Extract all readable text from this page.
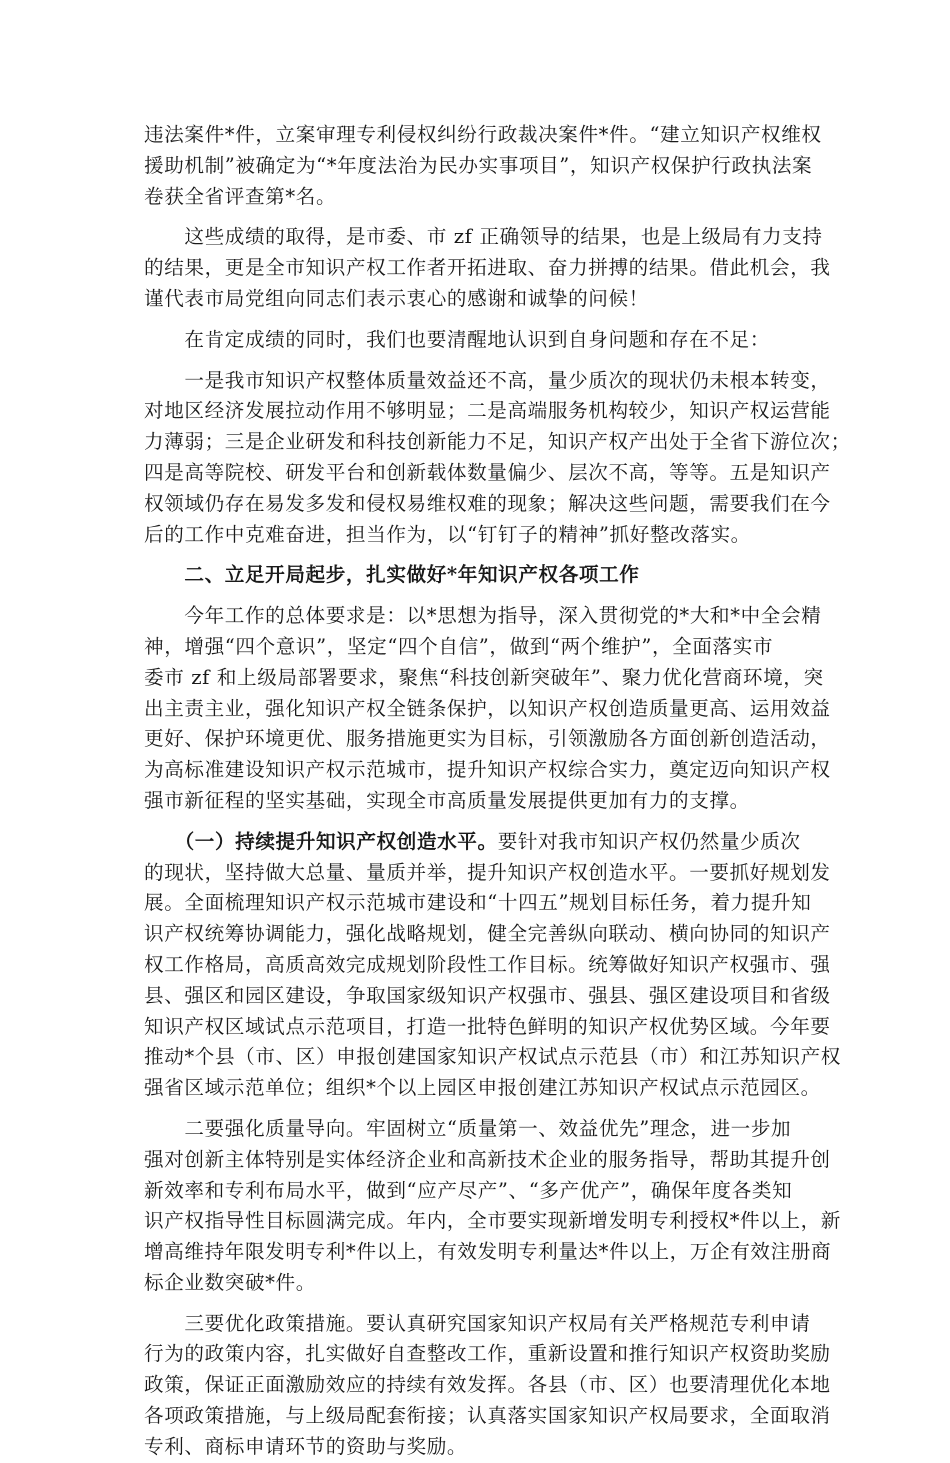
违法案件*件，立案审理专利侵权纠纷行政裁决案件*件。“建立知识产权维权
援助机制”被确定为“*年度法治为民办实事项目”，知识产权保护行政执法案
卷获全省评查第*名。

　　这些成绩的取得，是市委、市 zf 正确领导的结果，也是上级局有力支持
的结果，更是全市知识产权工作者开拓进取、奋力拼搏的结果。借此机会，我
谨代表市局党组向同志们表示衷心的感谢和诚挚的问候！

　　在肯定成绩的同时，我们也要清醒地认识到自身问题和存在不足：

　　一是我市知识产权整体质量效益还不高，量少质次的现状仍未根本转变，
对地区经济发展拉动作用不够明显；二是高端服务机构较少，知识产权运营能
力薄弱；三是企业研发和科技创新能力不足，知识产权产出处于全省下游位次；
四是高等院校、研发平台和创新载体数量偏少、层次不高，等等。五是知识产
权领域仍存在易发多发和侵权易维权难的现象；解决这些问题，需要我们在今
后的工作中克难奋进，担当作为，以“钉钉子的精神”抓好整改落实。

　　二、立足开局起步，扎实做好*年知识产权各项工作

　　今年工作的总体要求是：以*思想为指导，深入贯彻党的*大和*中全会精
神，增强“四个意识”，坚定“四个自信”，做到“两个维护”，全面落实市
委市 zf 和上级局部署要求，聚焦“科技创新突破年”、聚力优化营商环境，突
出主责主业，强化知识产权全链条保护，以知识产权创造质量更高、运用效益
更好、保护环境更优、服务措施更实为目标，引领激励各方面创新创造活动，
为高标准建设知识产权示范城市，提升知识产权综合实力，奠定迈向知识产权
强市新征程的坚实基础，实现全市高质量发展提供更加有力的支撑。

　　（一）持续提升知识产权创造水平。要针对我市知识产权仍然量少质次
的现状，坚持做大总量、量质并举，提升知识产权创造水平。一要抓好规划发
展。全面梳理知识产权示范城市建设和“十四五”规划目标任务，着力提升知
识产权统筹协调能力，强化战略规划，健全完善纵向联动、横向协同的知识产
权工作格局，高质高效完成规划阶段性工作目标。统筹做好知识产权强市、强
县、强区和园区建设，争取国家级知识产权强市、强县、强区建设项目和省级
知识产权区域试点示范项目，打造一批特色鲜明的知识产权优势区域。今年要
推动*个县（市、区）申报创建国家知识产权试点示范县（市）和江苏知识产权
强省区域示范单位；组织*个以上园区申报创建江苏知识产权试点示范园区。

　　二要强化质量导向。牢固树立“质量第一、效益优先”理念，进一步加
强对创新主体特别是实体经济企业和高新技术企业的服务指导，帮助其提升创
新效率和专利布局水平，做到“应产尽产”、“多产优产”，确保年度各类知
识产权指导性目标圆满完成。年内，全市要实现新增发明专利授权*件以上，新
增高维持年限发明专利*件以上，有效发明专利量达*件以上，万企有效注册商
标企业数突破*件。

　　三要优化政策措施。要认真研究国家知识产权局有关严格规范专利申请
行为的政策内容，扎实做好自查整改工作，重新设置和推行知识产权资助奖励
政策，保证正面激励效应的持续有效发挥。各县（市、区）也要清理优化本地
各项政策措施，与上级局配套衔接；认真落实国家知识产权局要求，全面取消
专利、商标申请环节的资助与奖励。
